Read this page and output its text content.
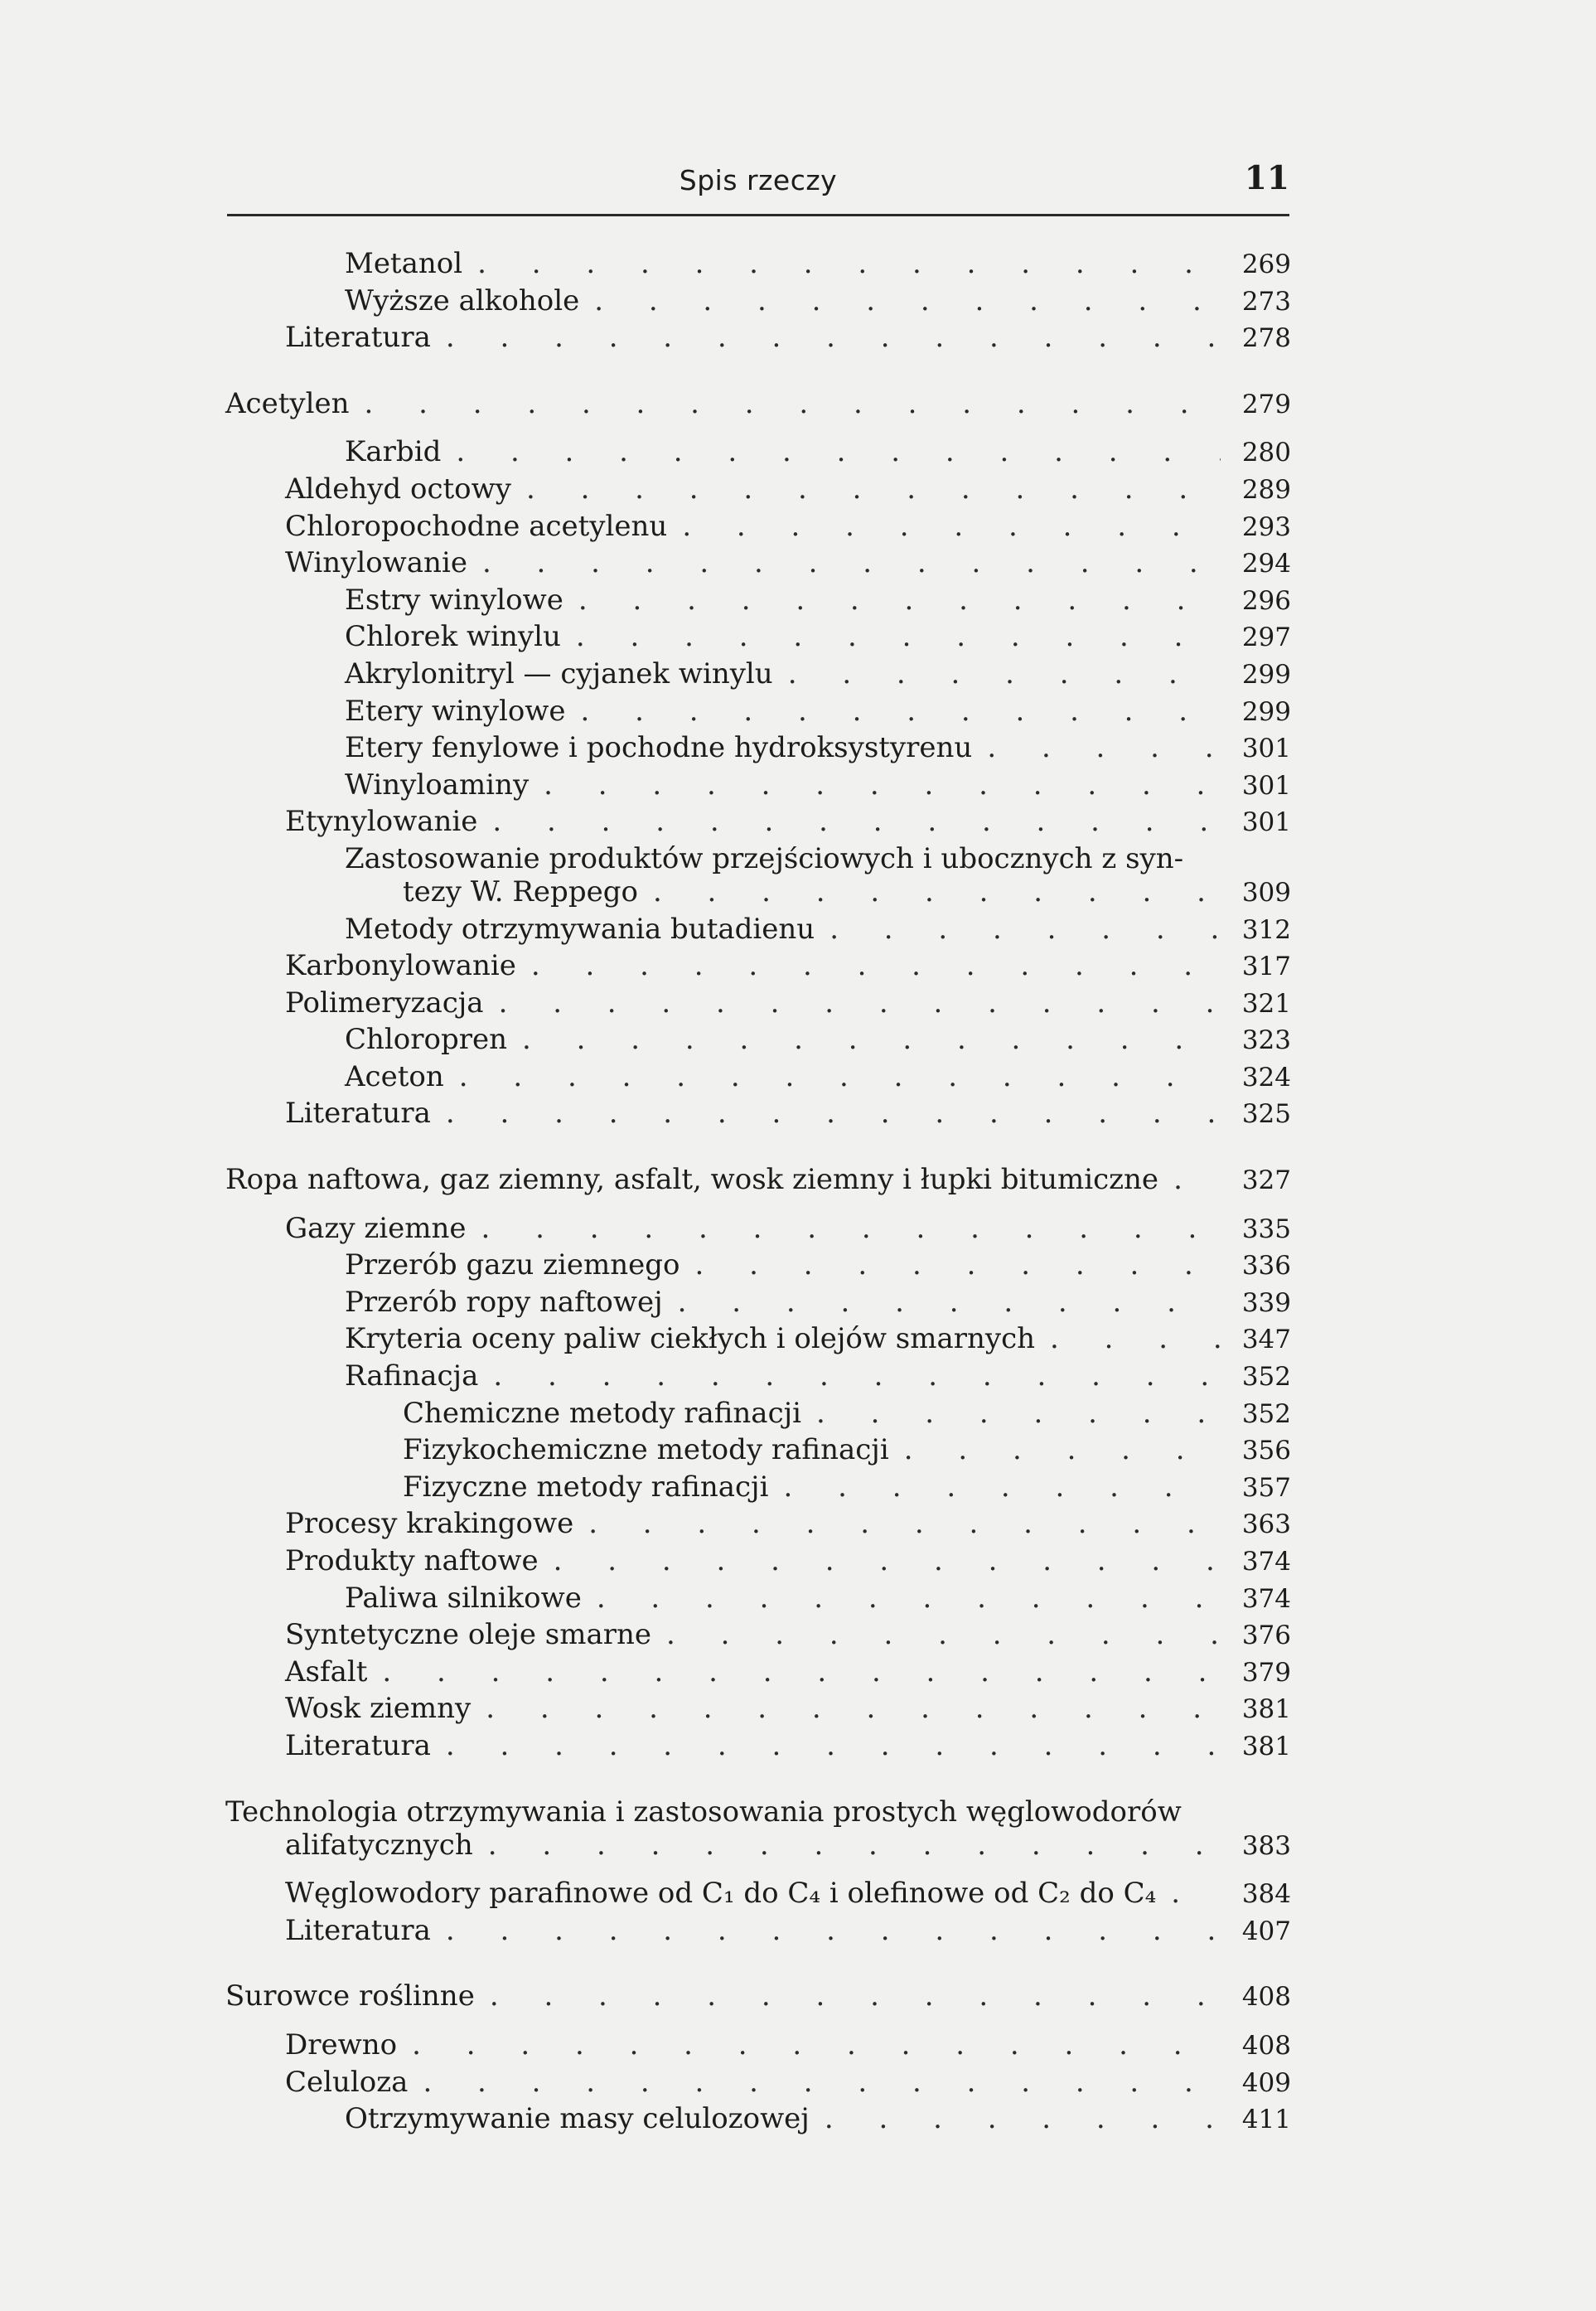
Spis rzeczy	11
Metanol . . .	269
Wyższe alkohole . . .	273
Literatura . . .	278
Acetylen . . .	279
Karbid . . .	280
Aldehyd octowy . . .	289
Chloropochodne acetylenu . . .	293
Winylowanie . . .	294
Estry winylowe . . .	296
Chlorek winylu . . .	297
Akrylonitryl — cyjanek winylu . . .	299
Etery winylowe . . .	299
Etery fenylowe i pochodne hydroksystyrenu . . .	301
Winyloaminy . . .	301
Etynylowanie . . .	301
Zastosowanie produktów przejściowych i ubocznych z syn-
tezy W. Reppego . . .	309
Metody otrzymywania butadienu . . .	312
Karbonylowanie . . .	317
Polimeryzacja . . .	321
Chloropren . . .	323
Aceton . . .	324
Literatura . . .	325
Ropa naftowa, gaz ziemny, asfalt, wosk ziemny i łupki bitumiczne . . .	327
Gazy ziemne . . .	335
Przerób gazu ziemnego . . .	336
Przerób ropy naftowej . . .	339
Kryteria oceny paliw ciekłych i olejów smarnych . . .	347
Rafinacja . . .	352
Chemiczne metody rafinacji . . .	352
Fizykochemiczne metody rafinacji . . .	356
Fizyczne metody rafinacji . . .	357
Procesy krakingowe . . .	363
Produkty naftowe . . .	374
Paliwa silnikowe . . .	374
Syntetyczne oleje smarne . . .	376
Asfalt . . .	379
Wosk ziemny . . .	381
Literatura . . .	381
Technologia otrzymywania i zastosowania prostych węglowodorów
alifatycznych . . .	383
Węglowodory parafinowe od C₁ do C₄ i olefinowe od C₂ do C₄ . . .	384
Literatura . . .	407
Surowce roślinne . . .	408
Drewno . . .	408
Celuloza . . .	409
Otrzymywanie masy celulozowej . . .	411
